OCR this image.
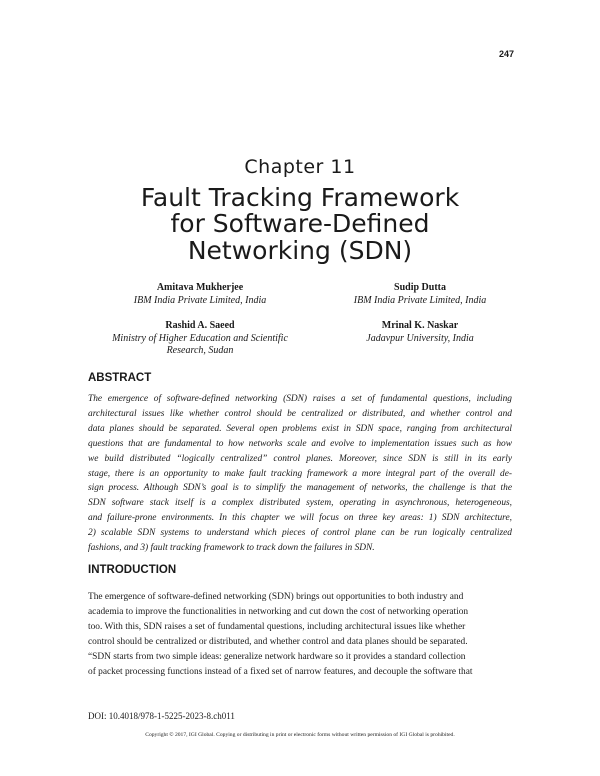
247
Chapter 11
Fault Tracking Framework
for Software-Defined
Networking (SDN)
Amitava Mukherjee
IBM India Private Limited, India
Sudip Dutta
IBM India Private Limited, India
Rashid A. Saeed
Ministry of Higher Education and Scientific
Research, Sudan
Mrinal K. Naskar
Jadavpur University, India
ABSTRACT
The emergence of software-defined networking (SDN) raises a set of fundamental questions, including
architectural issues like whether control should be centralized or distributed, and whether control and
data planes should be separated. Several open problems exist in SDN space, ranging from architectural
questions that are fundamental to how networks scale and evolve to implementation issues such as how
we build distributed “logically centralized” control planes. Moreover, since SDN is still in its early
stage, there is an opportunity to make fault tracking framework a more integral part of the overall de-
sign process. Although SDN’s goal is to simplify the management of networks, the challenge is that the
SDN software stack itself is a complex distributed system, operating in asynchronous, heterogeneous,
and failure-prone environments. In this chapter we will focus on three key areas: 1) SDN architecture,
2) scalable SDN systems to understand which pieces of control plane can be run logically centralized
fashions, and 3) fault tracking framework to track down the failures in SDN.
INTRODUCTION
The emergence of software-defined networking (SDN) brings out opportunities to both industry and
academia to improve the functionalities in networking and cut down the cost of networking operation
too. With this, SDN raises a set of fundamental questions, including architectural issues like whether
control should be centralized or distributed, and whether control and data planes should be separated.
“SDN starts from two simple ideas: generalize network hardware so it provides a standard collection
of packet processing functions instead of a fixed set of narrow features, and decouple the software that
DOI: 10.4018/978-1-5225-2023-8.ch011
Copyright © 2017, IGI Global. Copying or distributing in print or electronic forms without written permission of IGI Global is prohibited.
